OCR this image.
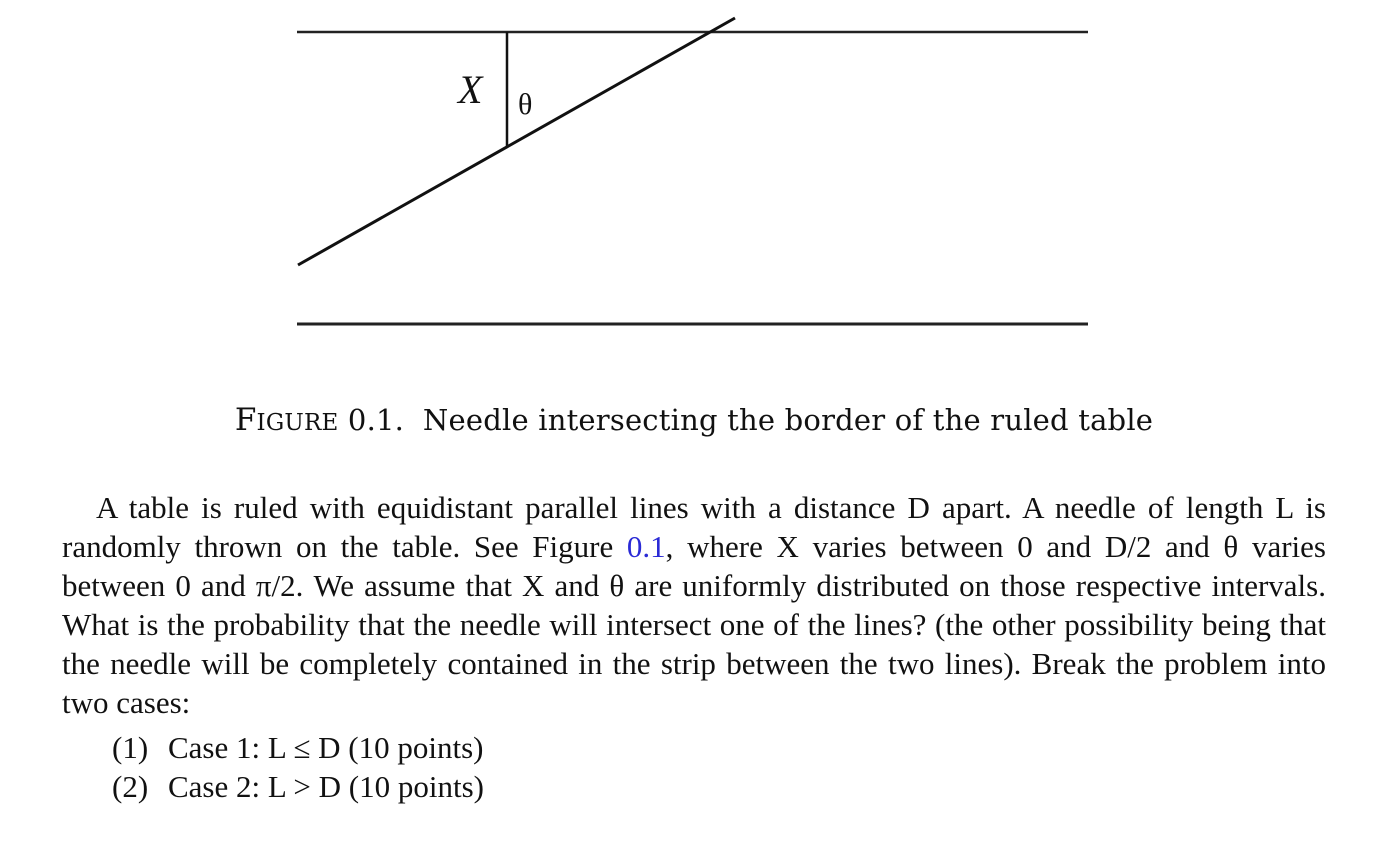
X θ
FIGURE 0.1. Needle intersecting the border of the ruled table

A table is ruled with equidistant parallel lines with a distance D apart. A needle of length L is randomly thrown on the table. See Figure 0.1, where X varies between 0 and D/2 and θ varies between 0 and π/2. We assume that X and θ are uniformly distributed on those respective intervals. What is the probability that the needle will intersect one of the lines? (the other possibility being that the needle will be completely contained in the strip between the two lines). Break the problem into two cases:

(1) Case 1: L ≤ D (10 points)
(2) Case 2: L > D (10 points)
